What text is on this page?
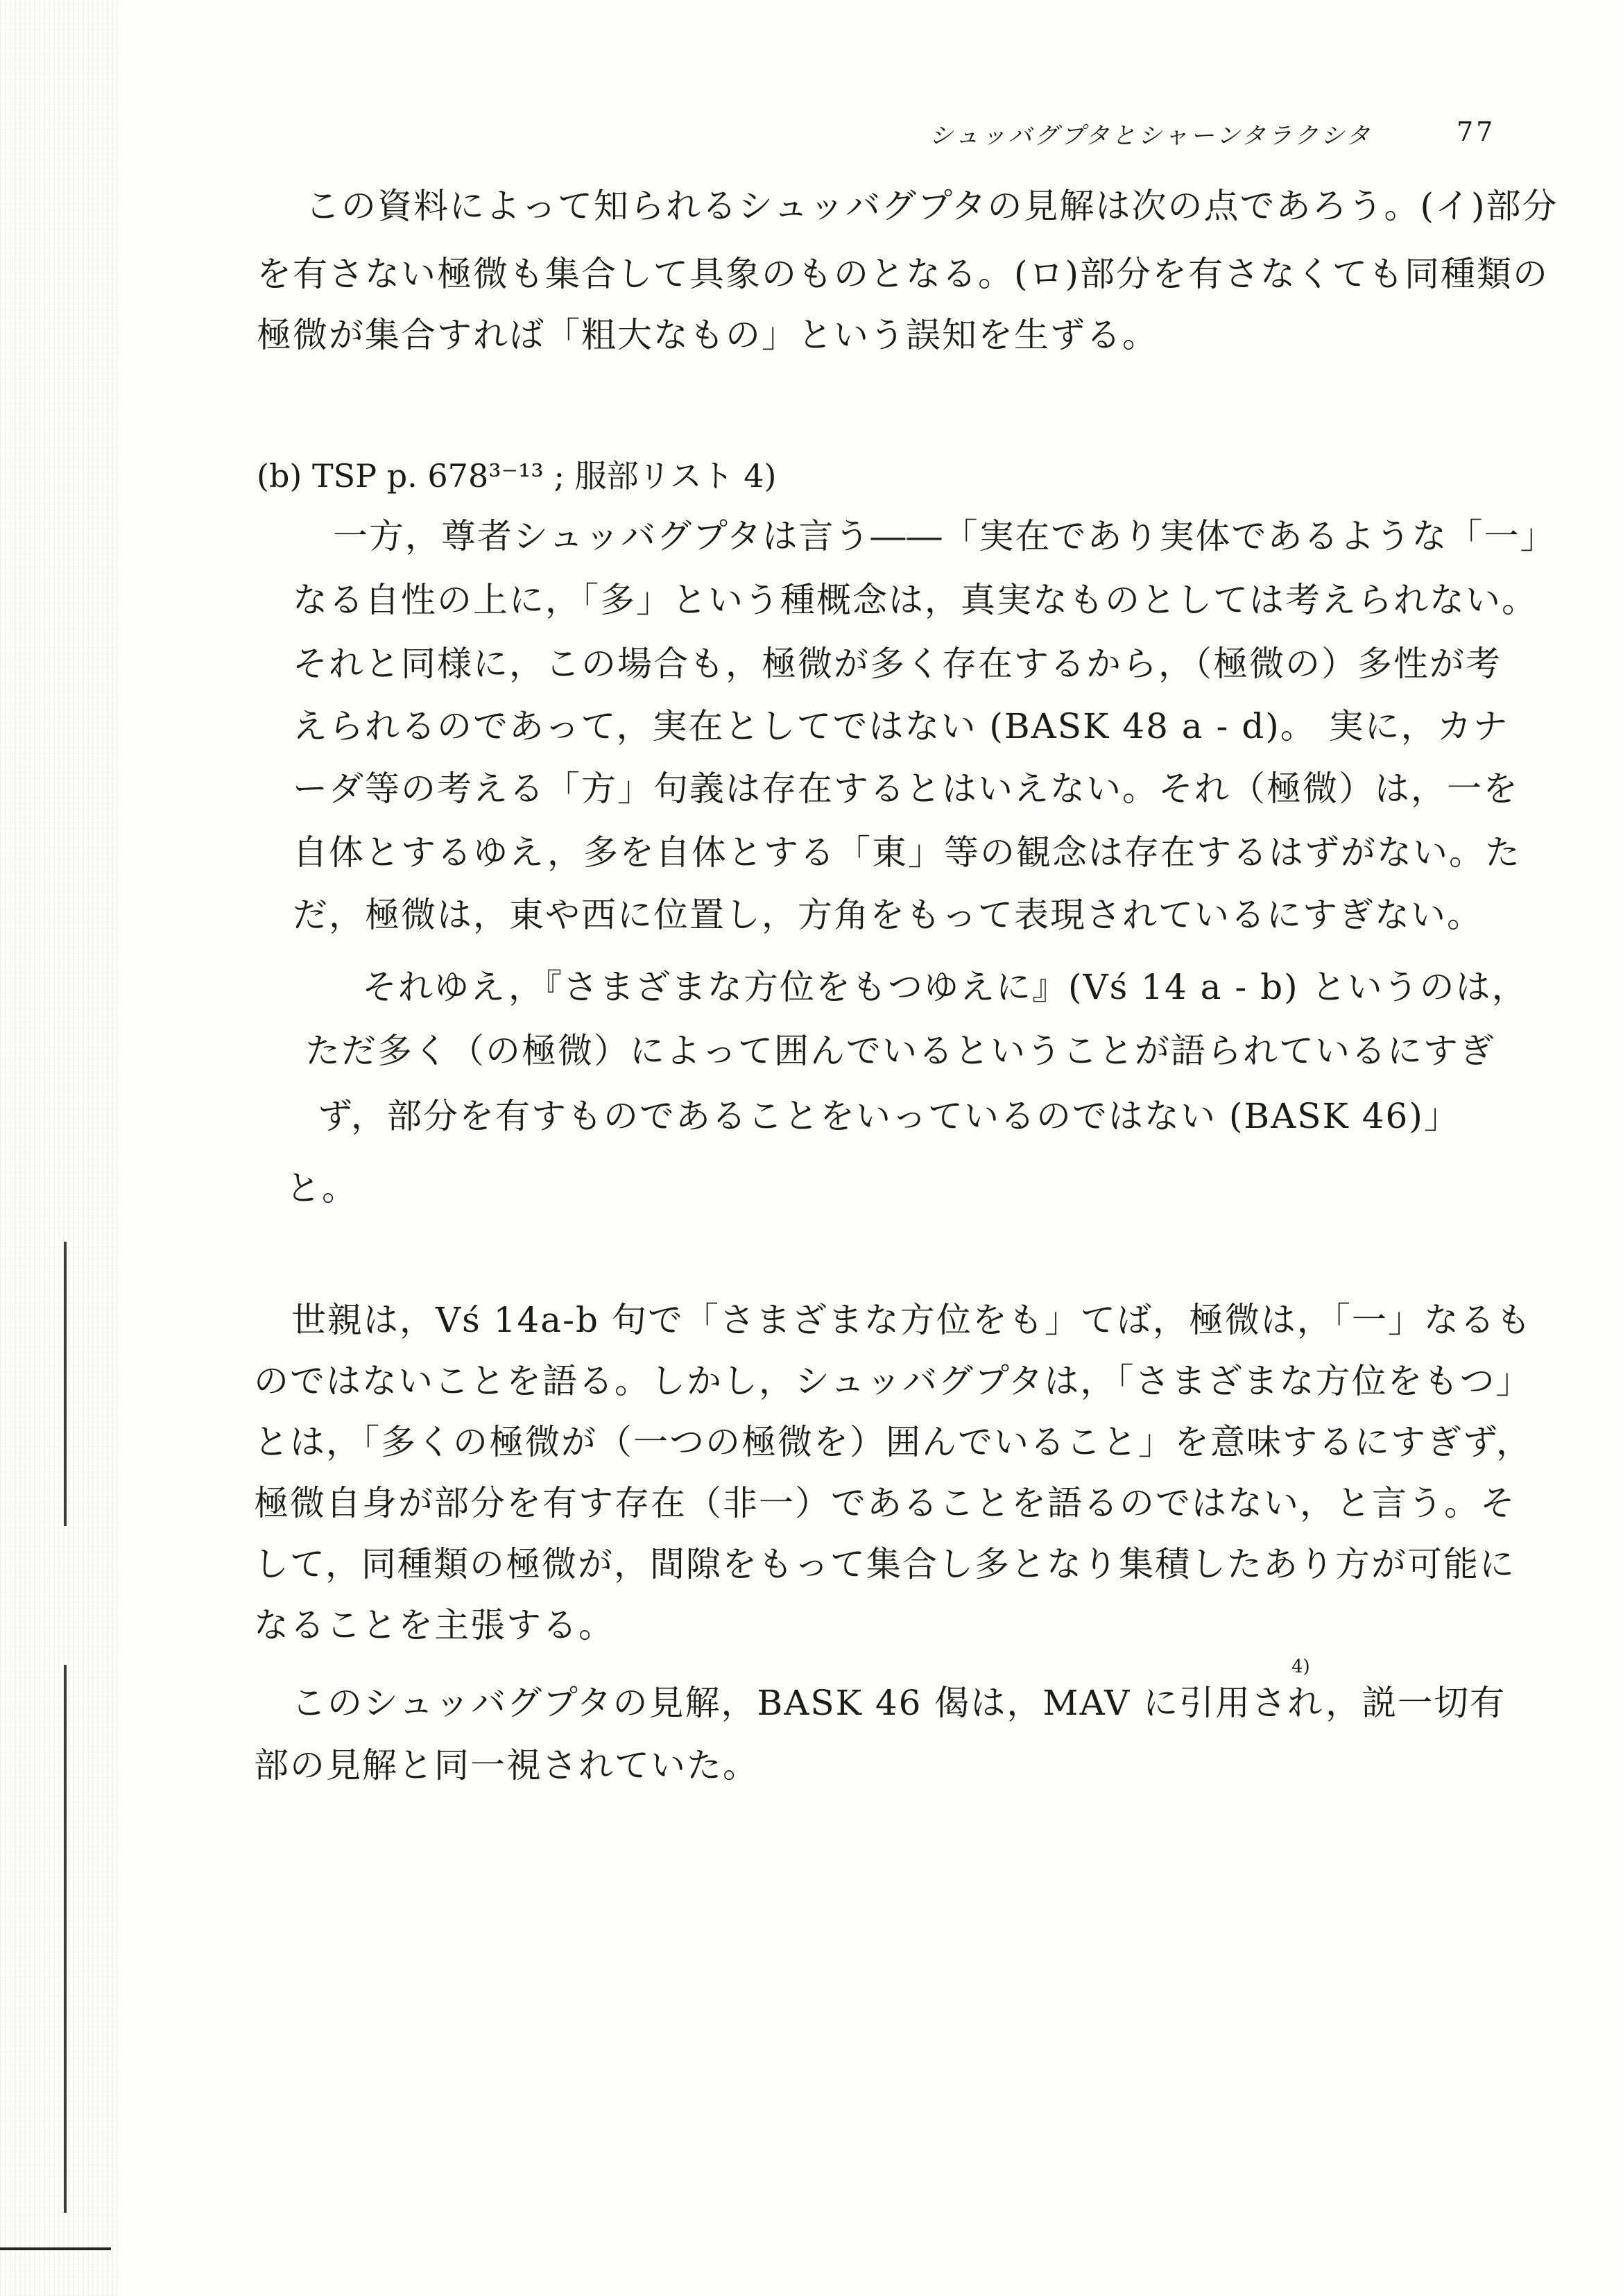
シュッバグプタとシャーンタラクシタ	77
この資料によって知られるシュッバグプタの見解は次の点であろう。(イ)部分
を有さない極微も集合して具象のものとなる。(ロ)部分を有さなくても同種類の
極微が集合すれば「粗大なもの」という誤知を生ずる。
(b) TSP p. 678³⁻¹³ ; 服部リスト 4)
一方，尊者シュッバグプタは言う――「実在であり実体であるような「一」
なる自性の上に，「多」という種概念は，真実なものとしては考えられない。
それと同様に，この場合も，極微が多く存在するから，（極微の）多性が考
えられるのであって，実在としてではない (BASK 48 a - d)。 実に，カナ
ーダ等の考える「方」句義は存在するとはいえない。それ（極微）は，一を
自体とするゆえ，多を自体とする「東」等の観念は存在するはずがない。た
だ，極微は，東や西に位置し，方角をもって表現されているにすぎない。
それゆえ，『さまざまな方位をもつゆえに』(Vś 14 a - b) というのは，
ただ多く（の極微）によって囲んでいるということが語られているにすぎ
ず，部分を有すものであることをいっているのではない (BASK 46)」
と。
世親は，Vś 14a-b 句で「さまざまな方位をも」てば，極微は，「一」なるも
のではないことを語る。しかし，シュッバグプタは，「さまざまな方位をもつ」
とは，「多くの極微が（一つの極微を）囲んでいること」を意味するにすぎず，
極微自身が部分を有す存在（非一）であることを語るのではない，と言う。そ
して，同種類の極微が，間隙をもって集合し多となり集積したあり方が可能に
なることを主張する。
4)
このシュッバグプタの見解，BASK 46 偈は，MAV に引用され，説一切有
部の見解と同一視されていた。
